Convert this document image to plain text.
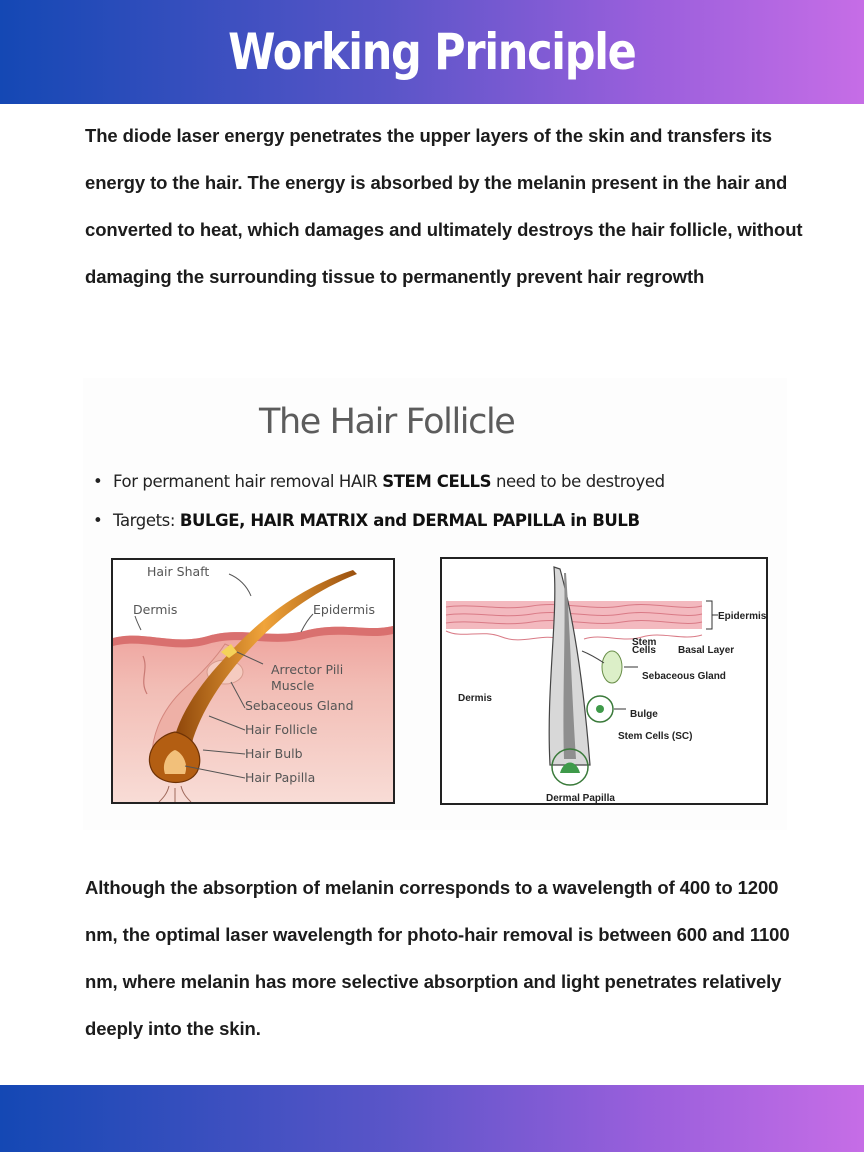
Working Principle

The diode laser energy penetrates the upper layers of the skin and transfers its energy to the hair. The energy is absorbed by the melanin present in the hair and converted to heat, which damages and ultimately destroys the hair follicle, without damaging the surrounding tissue to permanently prevent hair regrowth

The Hair Follicle
• For permanent hair removal HAIR STEM CELLS need to be destroyed
• Targets: BULGE, HAIR MATRIX and DERMAL PAPILLA in BULB
Hair Shaft
Dermis	Epidermis
Arrector Pili
Muscle
Sebaceous Gland
Hair Follicle
Hair Bulb
Hair Papilla
Epidermis
Stem
Cells Basal Layer
Sebaceous Gland
Dermis
Bulge
Stem Cells (SC)
Dermal Papilla

Although the absorption of melanin corresponds to a wavelength of 400 to 1200 nm, the optimal laser wavelength for photo-hair removal is between 600 and 1100 nm, where melanin has more selective absorption and light penetrates relatively deeply into the skin.
